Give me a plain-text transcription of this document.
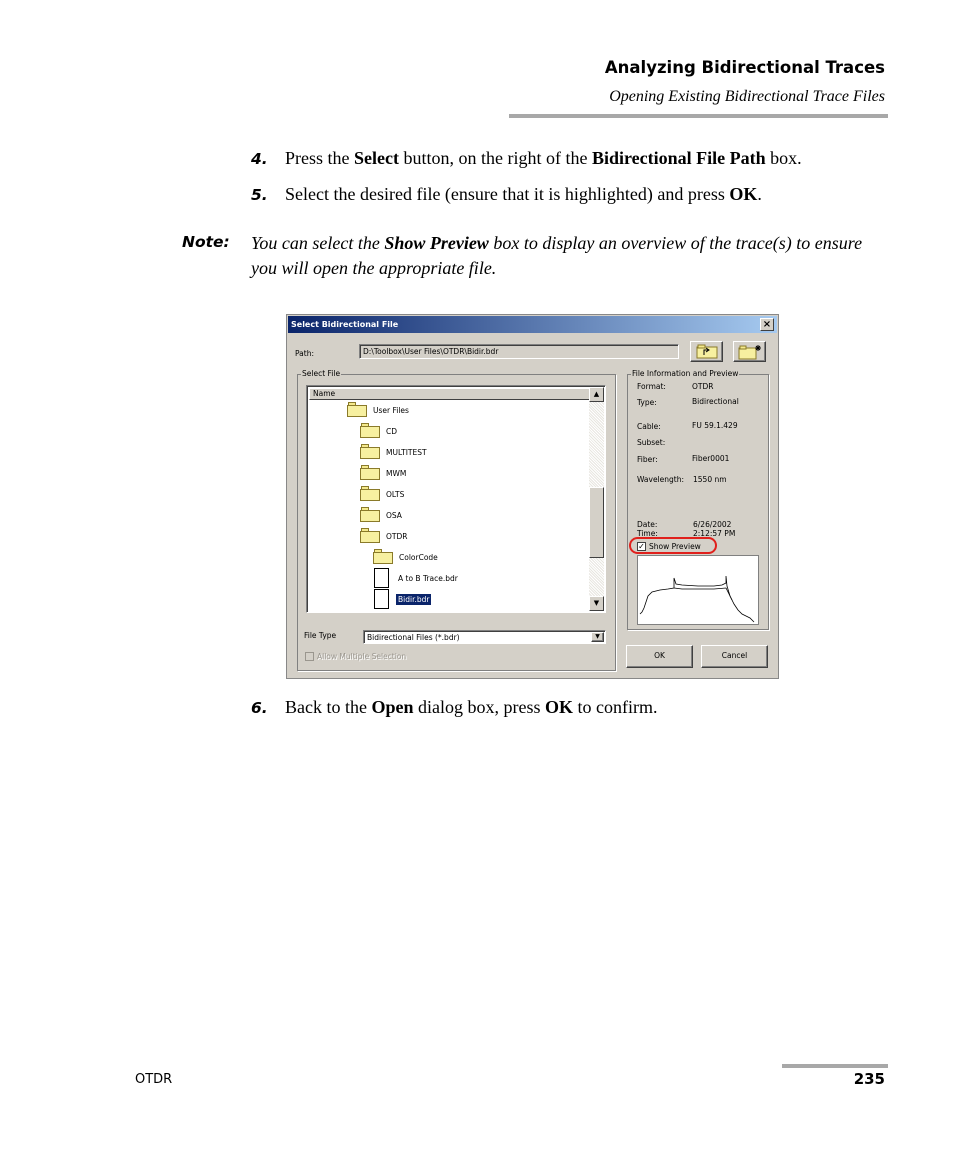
Analyzing Bidirectional Traces
Opening Existing Bidirectional Trace Files
4. Press the Select button, on the right of the Bidirectional File Path box.
5. Select the desired file (ensure that it is highlighted) and press OK.
Note: You can select the Show Preview box to display an overview of the trace(s) to ensure you will open the appropriate file.
Select Bidirectional File	×
Path:	D:\Toolbox\User Files\OTDR\Bidir.bdr
Select File
Name	▲
▼
User Files
CD
MULTITEST
MWM
OLTS
OSA
OTDR
ColorCode
A to B Trace.bdr
Bidir.bdr
File Type	Bidirectional Files (*.bdr)	▼
Allow Multiple Selection
File Information and Preview
Format:	OTDR
Type:	Bidirectional
Cable:	FU 59.1.429
Subset:
Fiber:	Fiber0001
Wavelength: 1550 nm
Date:	6/26/2002
Time:	2:12:57 PM
✓ Show Preview
OK	Cancel
6. Back to the Open dialog box, press OK to confirm.
OTDR	235
